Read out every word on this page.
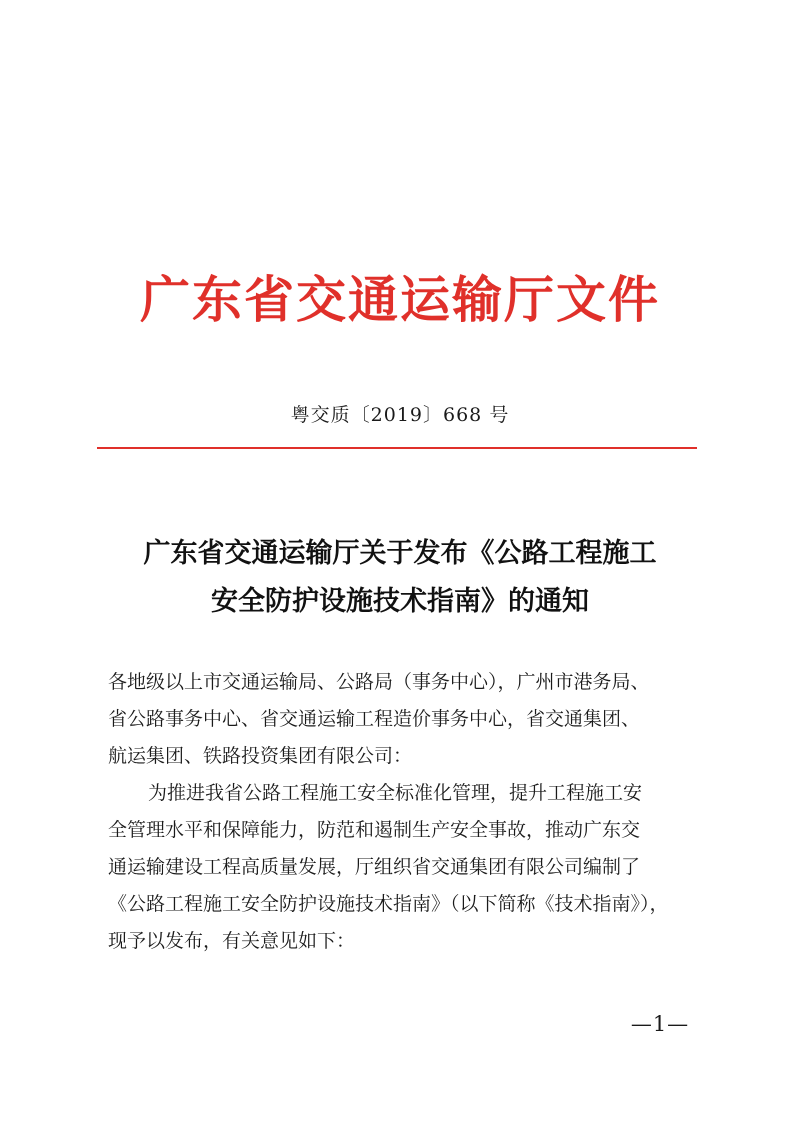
广东省交通运输厅文件
粤交质〔2019〕668 号
广东省交通运输厅关于发布《公路工程施工
安全防护设施技术指南》的通知
各地级以上市交通运输局、公路局（事务中心），广州市港务局、
省公路事务中心、省交通运输工程造价事务中心，省交通集团、
航运集团、铁路投资集团有限公司：
为推进我省公路工程施工安全标准化管理，提升工程施工安
全管理水平和保障能力，防范和遏制生产安全事故，推动广东交
通运输建设工程高质量发展，厅组织省交通集团有限公司编制了
《公路工程施工安全防护设施技术指南》（以下简称《技术指南》），
现予以发布，有关意见如下：
—1—
